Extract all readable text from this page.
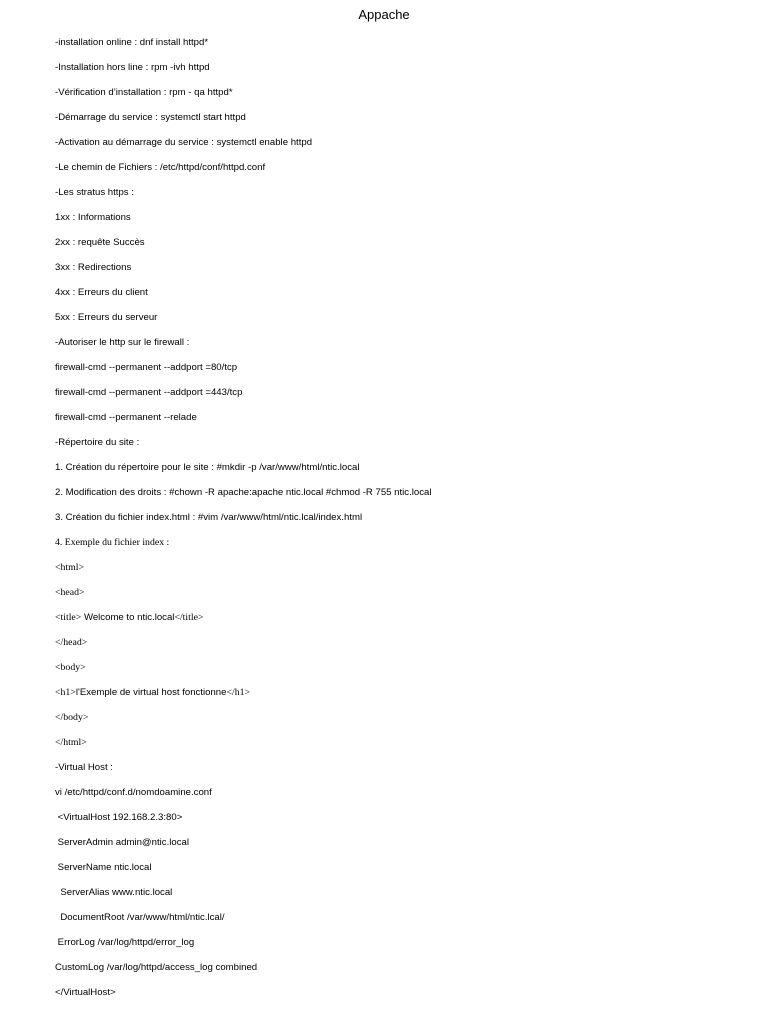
Appache
-installation online : dnf install httpd*
-Installation hors line : rpm -ivh httpd
-Vérification d’installation : rpm - qa httpd*
-Démarrage du service : systemctl start httpd
-Activation au démarrage du service : systemctl enable httpd
-Le chemin de Fichiers : /etc/httpd/conf/httpd.conf
-Les stratus https :
1xx : Informations
2xx : requête Succès
3xx : Redirections
4xx : Erreurs du client
5xx : Erreurs du serveur
-Autoriser le http sur le firewall :
firewall-cmd --permanent --addport =80/tcp
firewall-cmd --permanent --addport =443/tcp
firewall-cmd --permanent --relade
-Répertoire du site :
1. Création du répertoire pour le site : #mkdir -p /var/www/html/ntic.local
2. Modification des droits : #chown -R apache:apache ntic.local #chmod -R 755 ntic.local
3. Création du fichier index.html : #vim /var/www/html/ntic.lcal/index.html
4. Exemple du fichier index :
<html>
<head>
<title> Welcome to ntic.local</title>
</head>
<body>
<h1>l'Exemple de virtual host fonctionne</h1>
</body>
</html>
-Virtual Host :
vi /etc/httpd/conf.d/nomdoamine.conf
<VirtualHost 192.168.2.3:80>
ServerAdmin admin@ntic.local
ServerName ntic.local
ServerAlias www.ntic.local
DocumentRoot /var/www/html/ntic.lcal/
ErrorLog /var/log/httpd/error_log
CustomLog /var/log/httpd/access_log combined
</VirtualHost>
